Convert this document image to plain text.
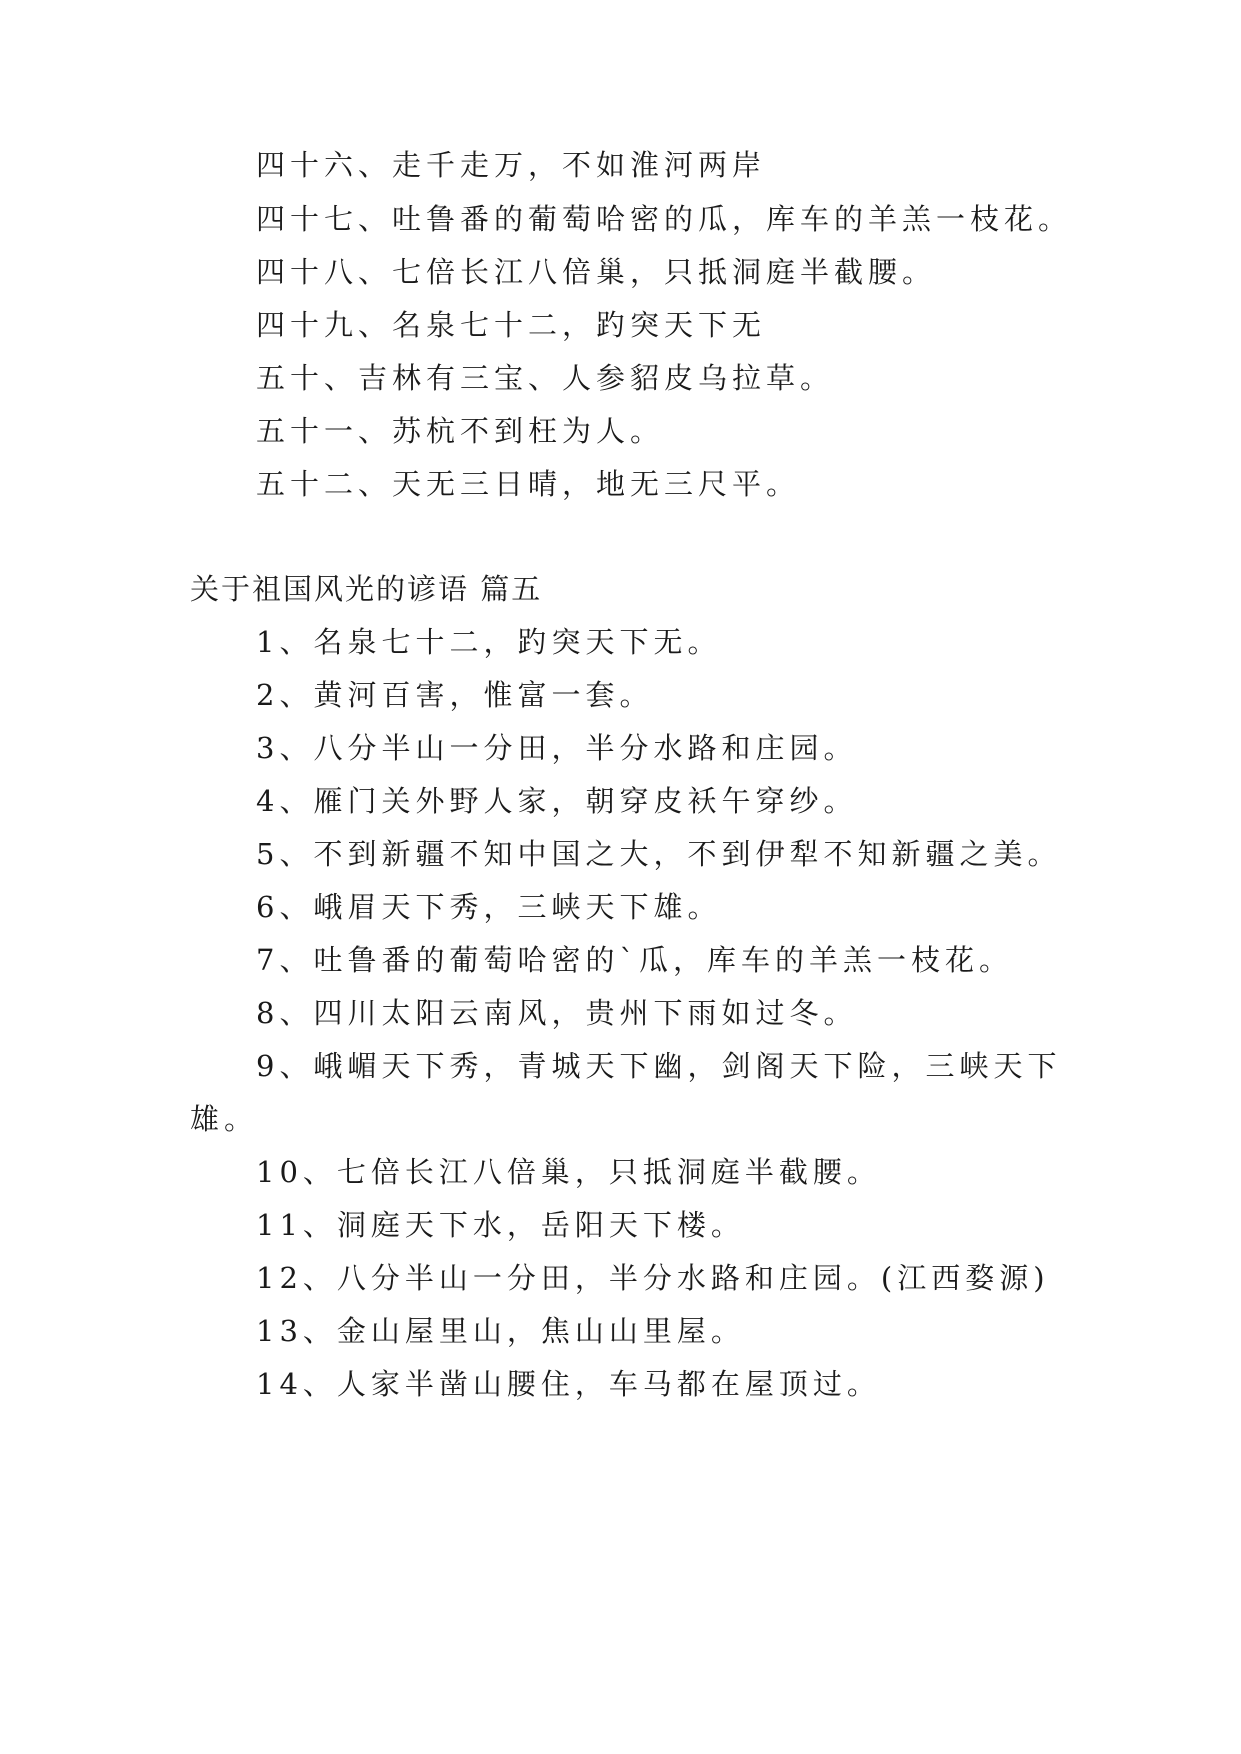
四十六、走千走万，不如淮河两岸
四十七、吐鲁番的葡萄哈密的瓜，库车的羊羔一枝花。
四十八、七倍长江八倍巢，只抵洞庭半截腰。
四十九、名泉七十二，趵突天下无
五十、吉林有三宝、人参貂皮乌拉草。
五十一、苏杭不到枉为人。
五十二、天无三日晴，地无三尺平。
关于祖国风光的谚语 篇五
1、名泉七十二，趵突天下无。
2、黄河百害，惟富一套。
3、八分半山一分田，半分水路和庄园。
4、雁门关外野人家，朝穿皮袄午穿纱。
5、不到新疆不知中国之大，不到伊犁不知新疆之美。
6、峨眉天下秀，三峡天下雄。
7、吐鲁番的葡萄哈密的`瓜，库车的羊羔一枝花。
8、四川太阳云南风，贵州下雨如过冬。
9、峨嵋天下秀，青城天下幽，剑阁天下险，三峡天下
雄。
10、七倍长江八倍巢，只抵洞庭半截腰。
11、洞庭天下水，岳阳天下楼。
12、八分半山一分田，半分水路和庄园。(江西婺源)
13、金山屋里山，焦山山里屋。
14、人家半凿山腰住，车马都在屋顶过。
